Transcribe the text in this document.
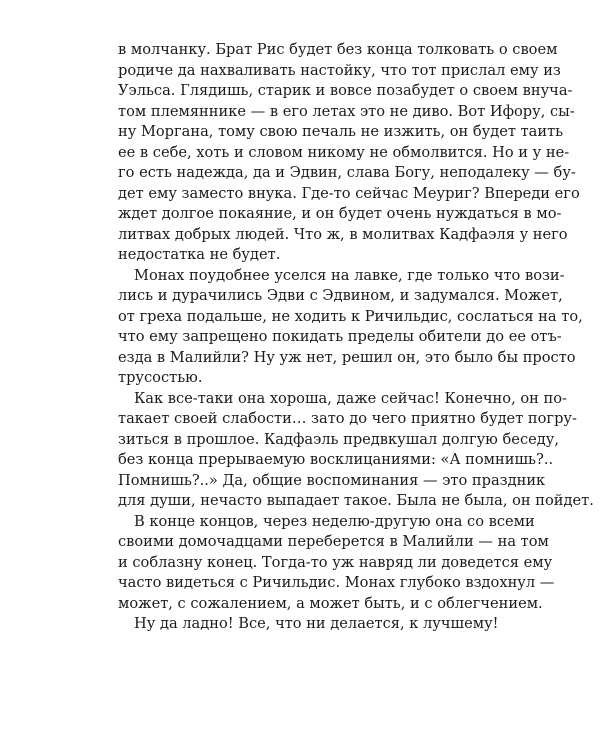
в молчанку. Брат Рис будет без конца толковать о своем
родиче да нахваливать настойку, что тот прислал ему из
Уэльса. Глядишь, старик и вовсе позабудет о своем внуча-
том племяннике — в его летах это не диво. Вот Ифору, сы-
ну Моргана, тому свою печаль не изжить, он будет таить
ее в себе, хоть и словом никому не обмолвится. Но и у не-
го есть надежда, да и Эдвин, слава Богу, неподалеку — бу-
дет ему заместо внука. Где-то сейчас Меуриг? Впереди его
ждет долгое покаяние, и он будет очень нуждаться в мо-
литвах добрых людей. Что ж, в молитвах Кадфаэля у него
недостатка не будет.
Монах поудобнее уселся на лавке, где только что вози-
лись и дурачились Эдви с Эдвином, и задумался. Может,
от греха подальше, не ходить к Ричильдис, сослаться на то,
что ему запрещено покидать пределы обители до ее отъ-
езда в Малийли? Ну уж нет, решил он, это было бы просто
трусостью.
Как все-таки она хороша, даже сейчас! Конечно, он по-
такает своей слабости… зато до чего приятно будет погру-
зиться в прошлое. Кадфаэль предвкушал долгую беседу,
без конца прерываемую восклицаниями: «А помнишь?..
Помнишь?..» Да, общие воспоминания — это праздник
для души, нечасто выпадает такое. Была не была, он пойдет.
В конце концов, через неделю-другую она со всеми
своими домочадцами переберется в Малийли — на том
и соблазну конец. Тогда-то уж навряд ли доведется ему
часто видеться с Ричильдис. Монах глубоко вздохнул —
может, с сожалением, а может быть, и с облегчением.
Ну да ладно! Все, что ни делается, к лучшему!
